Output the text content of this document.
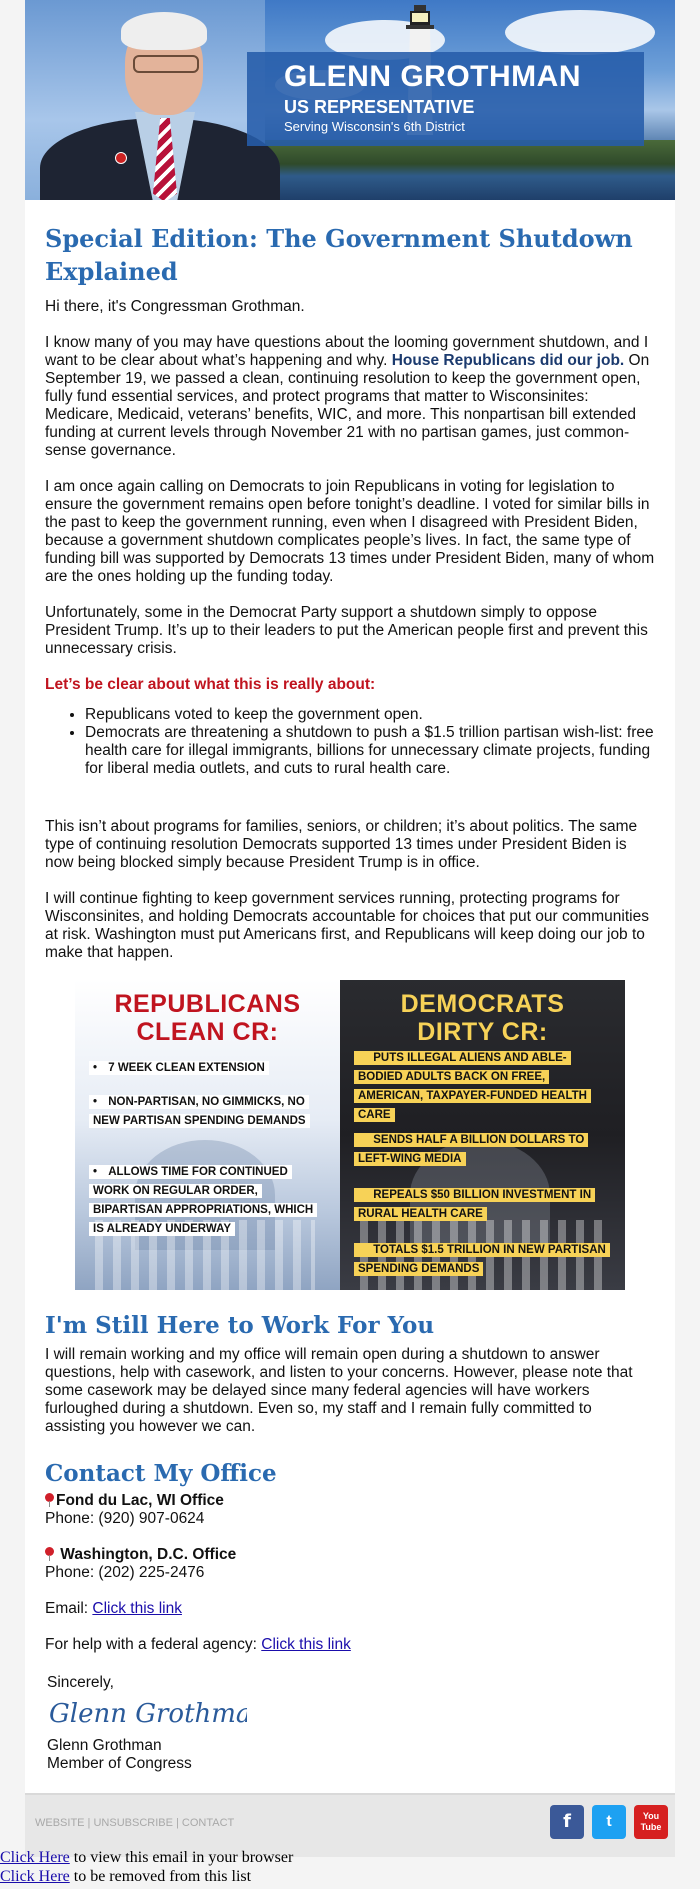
GLENN GROTHMAN
US REPRESENTATIVE
Serving Wisconsin's 6th District
Special Edition: The Government Shutdown Explained

Hi there, it's Congressman Grothman.

I know many of you may have questions about the looming government shutdown, and I want to be clear about what’s happening and why. House Republicans did our job. On September 19, we passed a clean, continuing resolution to keep the government open, fully fund essential services, and protect programs that matter to Wisconsinites: Medicare, Medicaid, veterans’ benefits, WIC, and more. This nonpartisan bill extended funding at current levels through November 21 with no partisan games, just common-sense governance.

I am once again calling on Democrats to join Republicans in voting for legislation to ensure the government remains open before tonight’s deadline. I voted for similar bills in the past to keep the government running, even when I disagreed with President Biden, because a government shutdown complicates people’s lives. In fact, the same type of funding bill was supported by Democrats 13 times under President Biden, many of whom are the ones holding up the funding today.

Unfortunately, some in the Democrat Party support a shutdown simply to oppose President Trump. It’s up to their leaders to put the American people first and prevent this unnecessary crisis.

Let’s be clear about what this is really about:
• Republicans voted to keep the government open.
• Democrats are threatening a shutdown to push a $1.5 trillion partisan wish-list: free health care for illegal immigrants, billions for unnecessary climate projects, funding for liberal media outlets, and cuts to rural health care.

This isn’t about programs for families, seniors, or children; it’s about politics. The same type of continuing resolution Democrats supported 13 times under President Biden is now being blocked simply because President Trump is in office.

I will continue fighting to keep government services running, protecting programs for Wisconsinites, and holding Democrats accountable for choices that put our communities at risk. Washington must put Americans first, and Republicans will keep doing our job to make that happen.

REPUBLICANS
CLEAN CR:
• 7 WEEK CLEAN EXTENSION
• NON-PARTISAN, NO GIMMICKS, NO NEW PARTISAN SPENDING DEMANDS
• ALLOWS TIME FOR CONTINUED WORK ON REGULAR ORDER, BIPARTISAN APPROPRIATIONS, WHICH IS ALREADY UNDERWAY
DEMOCRATS
DIRTY CR:
• PUTS ILLEGAL ALIENS AND ABLE-BODIED ADULTS BACK ON FREE, AMERICAN, TAXPAYER-FUNDED HEALTH CARE
• SENDS HALF A BILLION DOLLARS TO LEFT-WING MEDIA
• REPEALS $50 BILLION INVESTMENT IN RURAL HEALTH CARE
• TOTALS $1.5 TRILLION IN NEW PARTISAN SPENDING DEMANDS
I'm Still Here to Work For You

I will remain working and my office will remain open during a shutdown to answer questions, help with casework, and listen to your concerns. However, please note that some casework may be delayed since many federal agencies will have workers furloughed during a shutdown. Even so, my staff and I remain fully committed to assisting you however we can.

Contact My Office
Fond du Lac, WI Office
Phone: (920) 907-0624
Washington, D.C. Office
Phone: (202) 225-2476

Email: Click this link

For help with a federal agency: Click this link

Sincerely,
Glenn Grothman
Glenn Grothman
Member of Congress
WEBSITE | UNSUBSCRIBE | CONTACT	f	t	You Tube
Click Here to view this email in your browser
Click Here to be removed from this list
